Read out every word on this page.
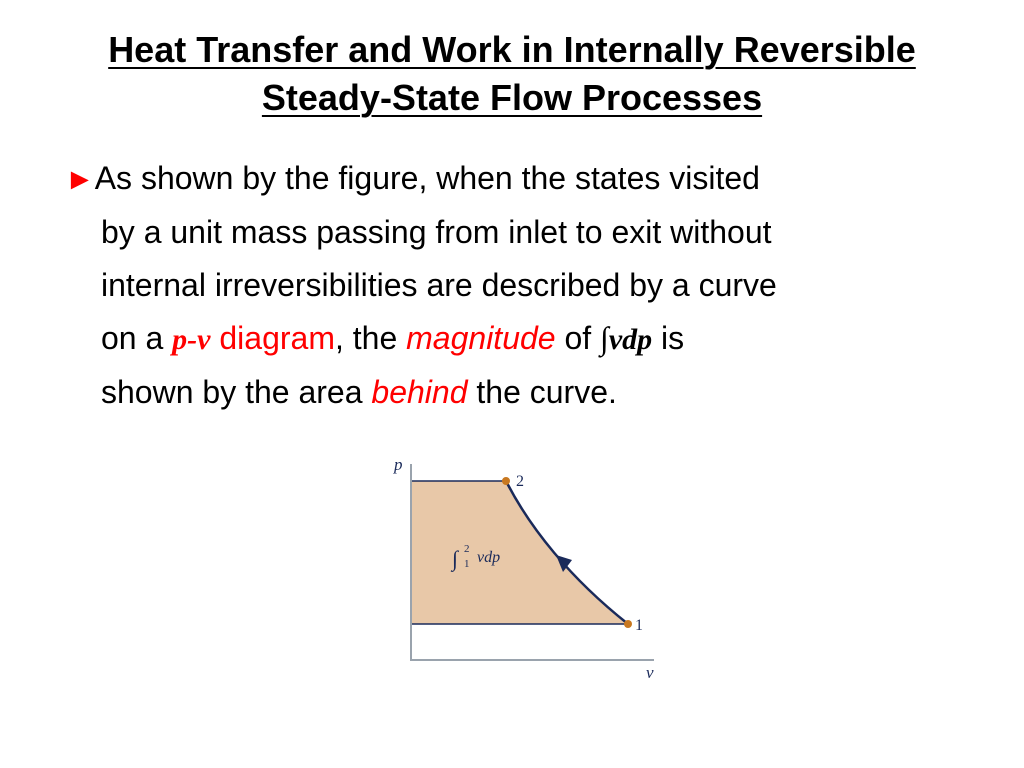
Heat Transfer and Work in Internally Reversible
Steady-State Flow Processes
►As shown by the figure, when the states visited
by a unit mass passing from inlet to exit without
internal irreversibilities are described by a curve
on a p-v diagram, the magnitude of ∫vdp is
shown by the area behind the curve.
p
v
2
1
∫ 2
1 vdp
